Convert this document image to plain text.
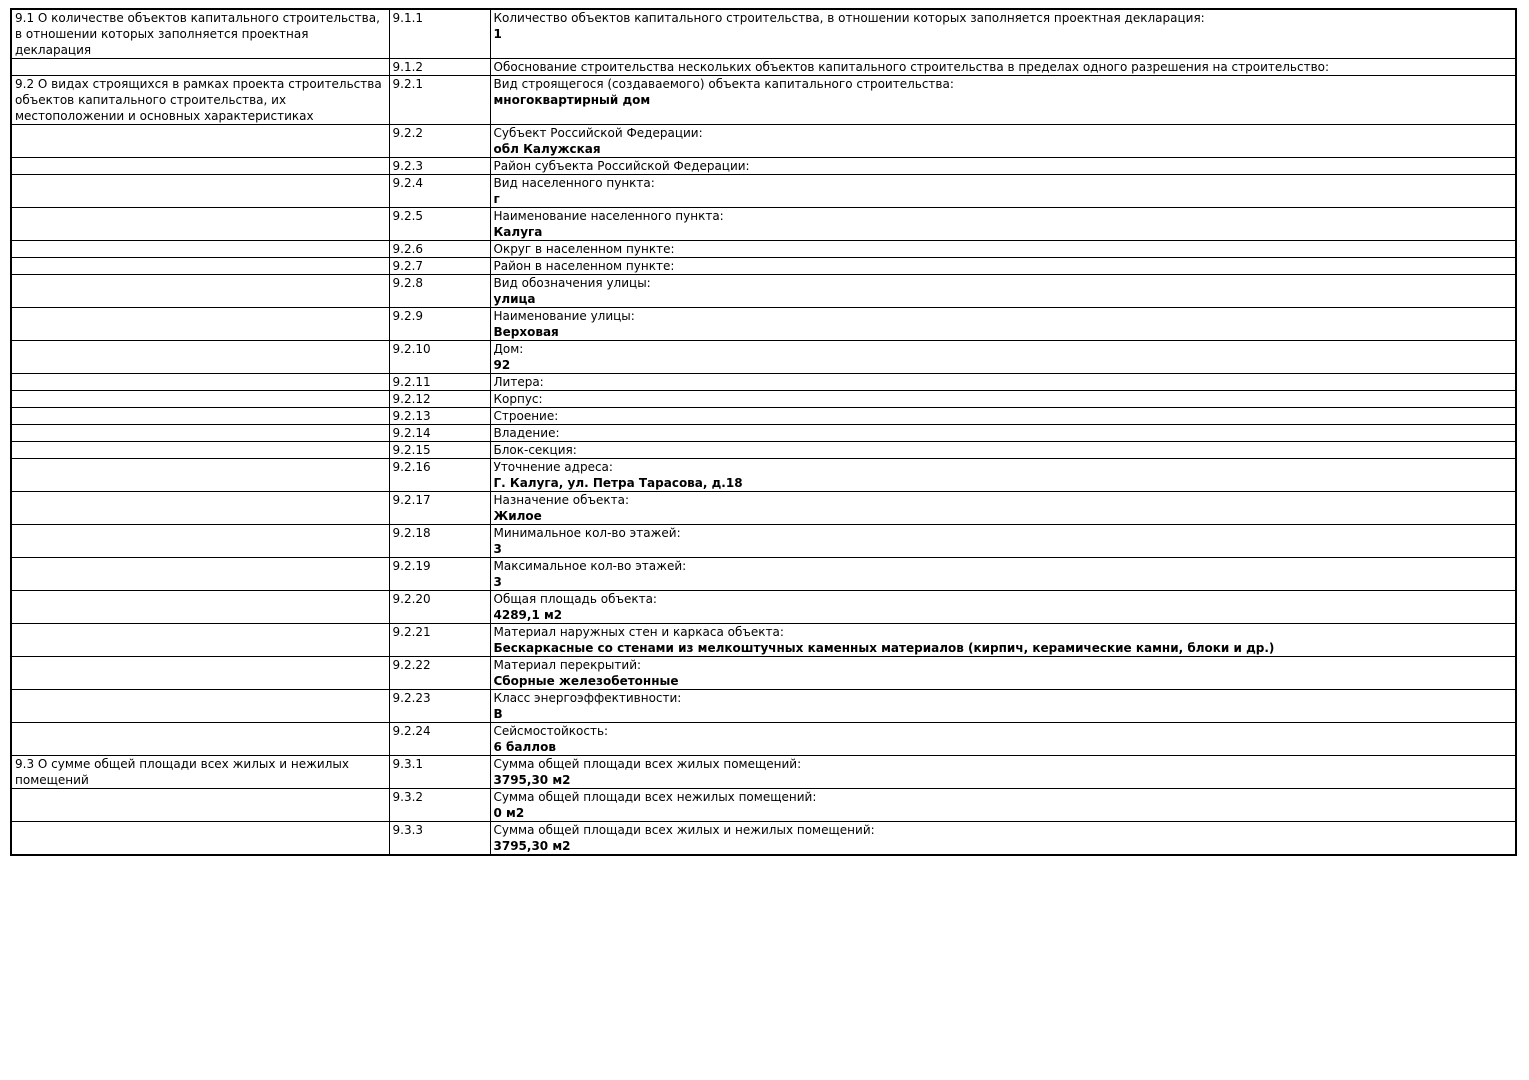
9.1 О количестве объектов капитального строительства, в отношении которых заполняется проектная декларация	9.1.1	Количество объектов капитального строительства, в отношении которых заполняется проектная декларация:
1

	9.1.2	Обоснование строительства нескольких объектов капитального строительства в пределах одного разрешения на строительство:

9.2 О видах строящихся в рамках проекта строительства объектов капитального строительства, их местоположении и основных характеристиках	9.2.1	Вид строящегося (создаваемого) объекта капитального строительства:
многоквартирный дом

	9.2.2	Субъект Российской Федерации:
обл Калужская

	9.2.3	Район субъекта Российской Федерации:

	9.2.4	Вид населенного пункта:
г

	9.2.5	Наименование населенного пункта:
Калуга

	9.2.6	Округ в населенном пункте:

	9.2.7	Район в населенном пункте:

	9.2.8	Вид обозначения улицы:
улица

	9.2.9	Наименование улицы:
Верховая

	9.2.10	Дом:
92

	9.2.11	Литера:

	9.2.12	Корпус:

	9.2.13	Строение:

	9.2.14	Владение:

	9.2.15	Блок-секция:

	9.2.16	Уточнение адреса:
Г. Калуга, ул. Петра Тарасова, д.18

	9.2.17	Назначение объекта:
Жилое

	9.2.18	Минимальное кол-во этажей:
3

	9.2.19	Максимальное кол-во этажей:
3

	9.2.20	Общая площадь объекта:
4289,1 м2

	9.2.21	Материал наружных стен и каркаса объекта:
Бескаркасные со стенами из мелкоштучных каменных материалов (кирпич, керамические камни, блоки и др.)

	9.2.22	Материал перекрытий:
Сборные железобетонные

	9.2.23	Класс энергоэффективности:
В

	9.2.24	Сейсмостойкость:
6 баллов

9.3 О сумме общей площади всех жилых и нежилых помещений	9.3.1	Сумма общей площади всех жилых помещений:
3795,30 м2

	9.3.2	Сумма общей площади всех нежилых помещений:
0 м2

	9.3.3	Сумма общей площади всех жилых и нежилых помещений:
3795,30 м2
